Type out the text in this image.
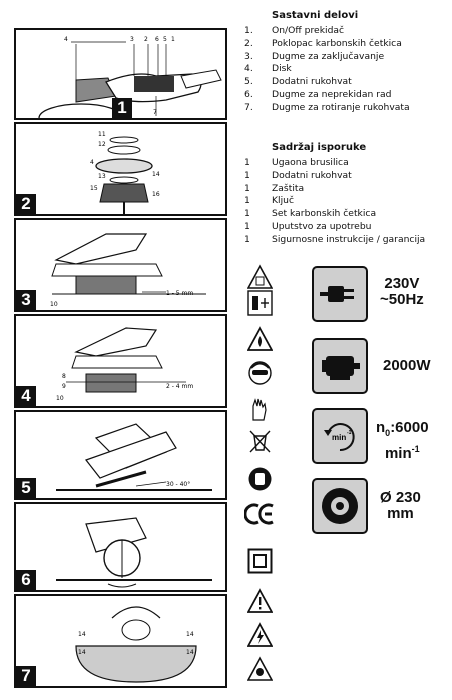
4	3 2 6 5 1
7
1
11
12
4
13	14
15
16
2
1 - 5 mm
10
3
8
9
10
2 - 4 mm
4
30 - 40°
5
6
14	14
14	14
7
Sastavni delovi
1. On/Off prekidač
2. Poklopac karbonskih četkica
3. Dugme za zaključavanje
4. Disk
5. Dodatni rukohvat
6. Dugme za neprekidan rad
7. Dugme za rotiranje rukohvata
Sadržaj isporuke
1 Ugaona brusilica
1 Dodatni rukohvat
1 Zaštita
1 Ključ
1 Set karbonskih četkica
1 Uputstvo za upotrebu
1 Sigurnosne instrukcije / garancija
230V
~50Hz
2000W
min -1 $n_0:6000$
$\min^{-1}$
Ø 230
mm
